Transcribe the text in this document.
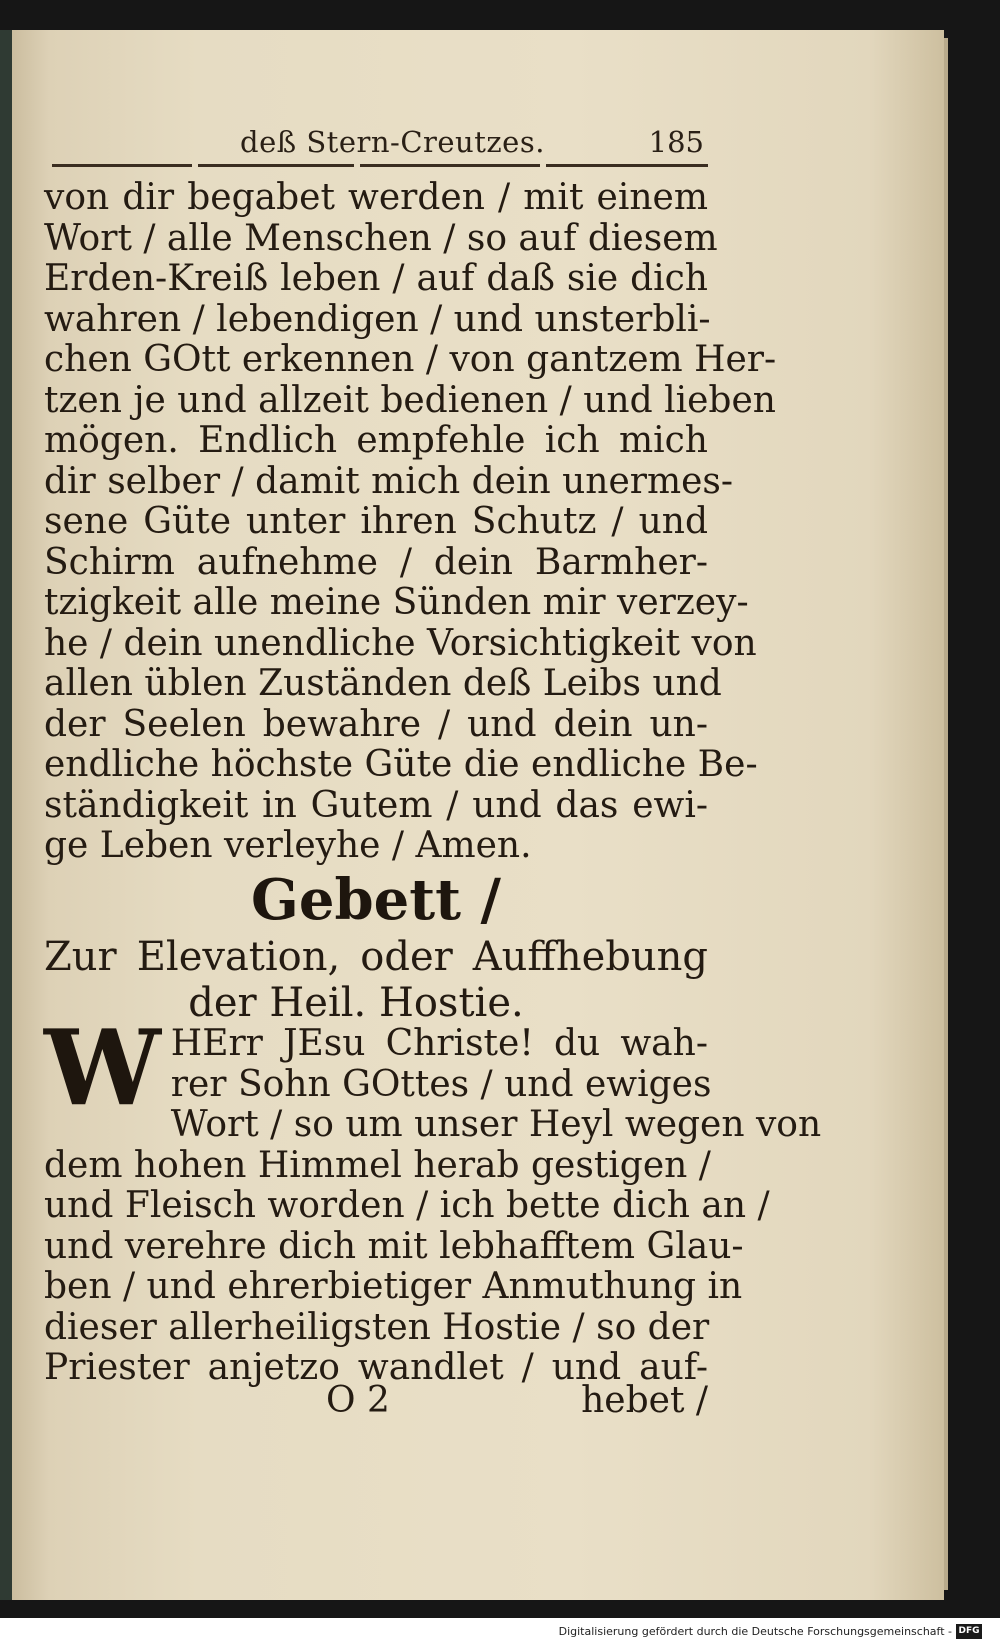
deß Stern-Creutzes.	185
von dir begabet werden / mit einem
Wort / alle Menschen / so auf diesem
Erden-Kreiß leben / auf daß sie dich
wahren / lebendigen / und unsterbli-
chen GOtt erkennen / von gantzem Her-
tzen je und allzeit bedienen / und lieben
mögen. Endlich empfehle ich mich
dir selber / damit mich dein unermes-
sene Güte unter ihren Schutz / und
Schirm aufnehme / dein Barmher-
tzigkeit alle meine Sünden mir verzey-
he / dein unendliche Vorsichtigkeit von
allen üblen Zuständen deß Leibs und
der Seelen bewahre / und dein un-
endliche höchste Güte die endliche Be-
ständigkeit in Gutem / und das ewi-
ge Leben verleyhe / Amen.
Gebett /
Zur Elevation, oder Auffhebung
der Heil. Hostie.
W HErr JEsu Christe! du wah-
rer Sohn GOttes / und ewiges
Wort / so um unser Heyl wegen von
dem hohen Himmel herab gestigen /
und Fleisch worden / ich bette dich an /
und verehre dich mit lebhafftem Glau-
ben / und ehrerbietiger Anmuthung in
dieser allerheiligsten Hostie / so der
Priester anjetzo wandlet / und auf-
O 2	hebet /
Digitalisierung gefördert durch die Deutsche Forschungsgemeinschaft - DFG
